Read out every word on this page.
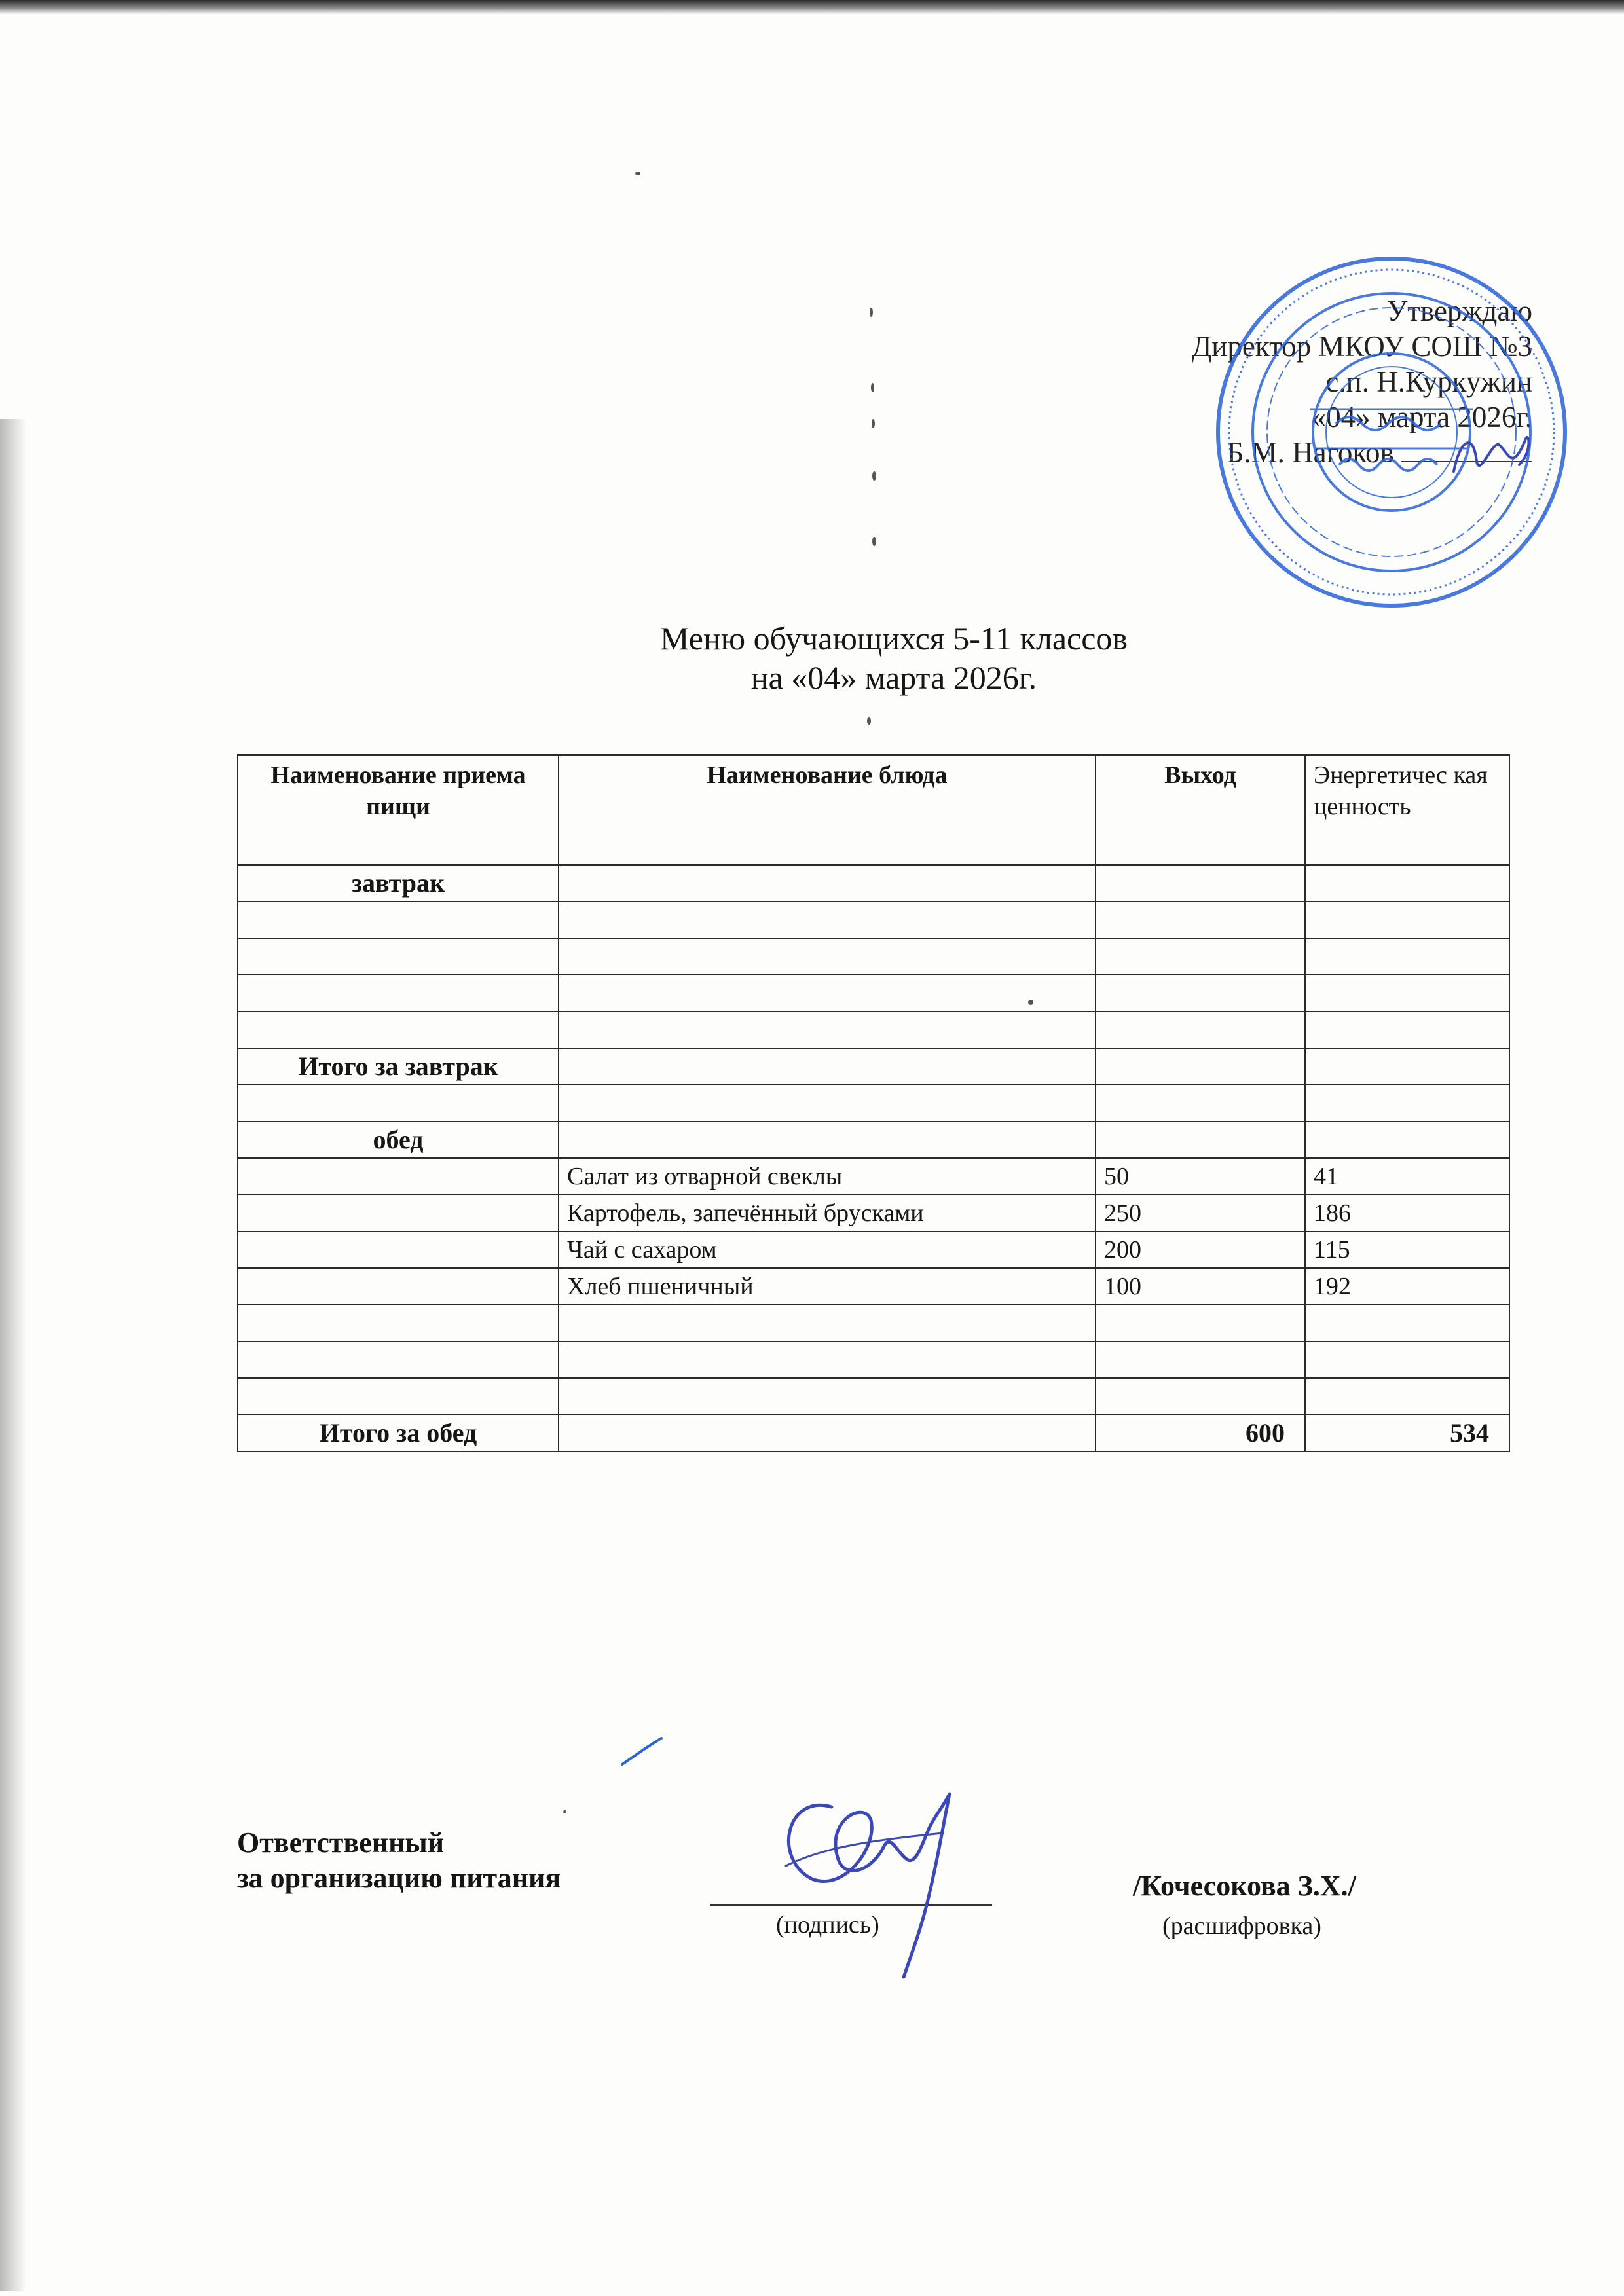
Утверждаю
Директор МКОУ СОШ №3
с.п. Н.Куркужин
«04» марта 2026г.
Б.М. Нагоков
Меню обучающихся 5-11 классов
на «04» марта 2026г.
Наименование приема пищи	Наименование блюда	Выход	Энергетичес кая ценность
завтрак			

Итого за завтрак			

обед			
	Салат из отварной свеклы	50	41
	Картофель, запечённый брусками	250	186
	Чай с сахаром	200	115
	Хлеб пшеничный	100	192

Итого за обед		600	534
Ответственный
за организацию питания
(подпись)
/Кочесокова З.Х./
(расшифровка)
